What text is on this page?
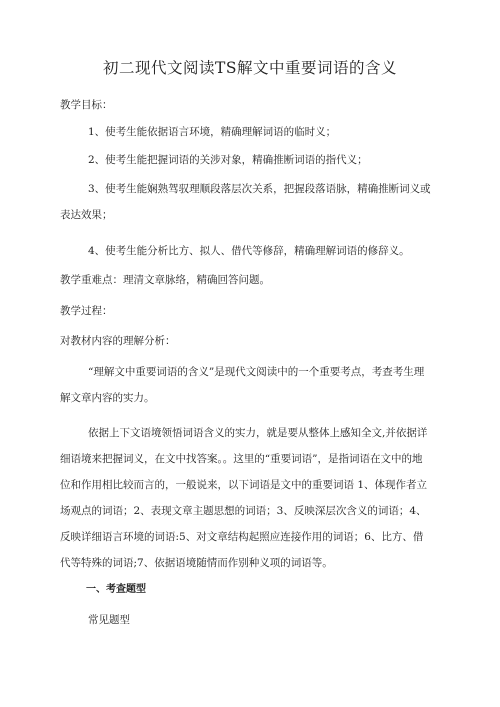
初二现代文阅读TS解文中重要词语的含义
教学目标：
1、使考生能依据语言环境，精确理解词语的临时义；
2、使考生能把握词语的关涉对象，精确推断词语的指代义；
3、使考生能娴熟驾驭理顺段落层次关系，把握段落语脉，精确推断词义或表达效果；
4、使考生能分析比方、拟人、借代等修辞，精确理解词语的修辞义。
教学重难点：理清文章脉络，精确回答问题。
教学过程：
对教材内容的理解分析：
“理解文中重要词语的含义”是现代文阅读中的一个重要考点，考查考生理解文章内容的实力。
依据上下文语境领悟词语含义的实力，就是要从整体上感知全文,并依据详细语境来把握词义，在文中找答案。。这里的“重要词语”，是指词语在文中的地位和作用相比较而言的，一般说来，以下词语是文中的重要词语 1、体现作者立场观点的词语；2、表现文章主题思想的词语；3、反映深层次含义的词语；4、反映详细语言环境的词语:5、对文章结构起照应连接作用的词语；6、比方、借代等特殊的词语;7、依据语境随情而作别种义项的词语等。
一、考查题型
常见题型
